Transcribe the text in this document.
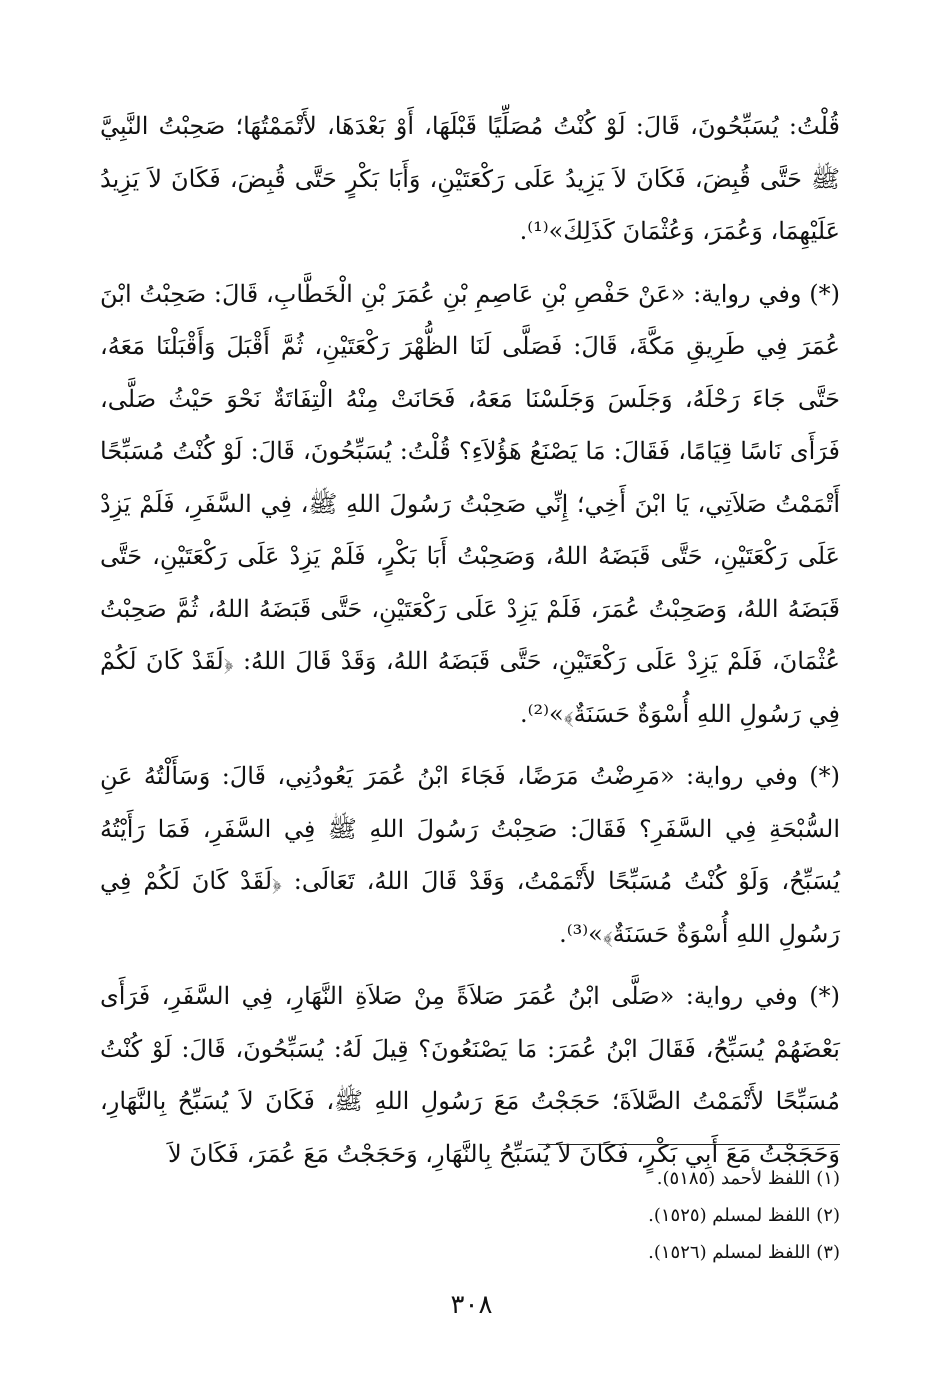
قُلْتُ: يُسَبِّحُونَ، قَالَ: لَوْ كُنْتُ مُصَلِّيًا قَبْلَهَا، أَوْ بَعْدَهَا، لأَتْمَمْتُهَا؛ صَحِبْتُ النَّبِيَّ ﷺ حَتَّى قُبِضَ، فَكَانَ لاَ يَزِيدُ عَلَى رَكْعَتَيْنِ، وَأَبَا بَكْرٍ حَتَّى قُبِضَ، فَكَانَ لاَ يَزِيدُ عَلَيْهِمَا، وَعُمَرَ، وَعُثْمَانَ كَذَلِكَ»⁽¹⁾.

(*) وفي رواية: «عَنْ حَفْصِ بْنِ عَاصِمِ بْنِ عُمَرَ بْنِ الْخَطَّابِ، قَالَ: صَحِبْتُ ابْنَ عُمَرَ فِي طَرِيقِ مَكَّةَ، قَالَ: فَصَلَّى لَنَا الظُّهْرَ رَكْعَتَيْنِ، ثُمَّ أَقْبَلَ وَأَقْبَلْنَا مَعَهُ، حَتَّى جَاءَ رَحْلَهُ، وَجَلَسَ وَجَلَسْنَا مَعَهُ، فَحَانَتْ مِنْهُ الْتِفَاتَةٌ نَحْوَ حَيْثُ صَلَّى، فَرَأَى نَاسًا قِيَامًا، فَقَالَ: مَا يَصْنَعُ هَؤُلاَءِ؟ قُلْتُ: يُسَبِّحُونَ، قَالَ: لَوْ كُنْتُ مُسَبِّحًا أَتْمَمْتُ صَلاَتِي، يَا ابْنَ أَخِي؛ إِنِّي صَحِبْتُ رَسُولَ اللهِ ﷺ، فِي السَّفَرِ، فَلَمْ يَزِدْ عَلَى رَكْعَتَيْنِ، حَتَّى قَبَضَهُ اللهُ، وَصَحِبْتُ أَبَا بَكْرٍ، فَلَمْ يَزِدْ عَلَى رَكْعَتَيْنِ، حَتَّى قَبَضَهُ اللهُ، وَصَحِبْتُ عُمَرَ، فَلَمْ يَزِدْ عَلَى رَكْعَتَيْنِ، حَتَّى قَبَضَهُ اللهُ، ثُمَّ صَحِبْتُ عُثْمَانَ، فَلَمْ يَزِدْ عَلَى رَكْعَتَيْنِ، حَتَّى قَبَضَهُ اللهُ، وَقَدْ قَالَ اللهُ: ﴿لَقَدْ كَانَ لَكُمْ فِي رَسُولِ اللهِ أُسْوَةٌ حَسَنَةٌ﴾»⁽²⁾.

(*) وفي رواية: «مَرِضْتُ مَرَضًا، فَجَاءَ ابْنُ عُمَرَ يَعُودُنِي، قَالَ: وَسَأَلْتُهُ عَنِ السُّبْحَةِ فِي السَّفَرِ؟ فَقَالَ: صَحِبْتُ رَسُولَ اللهِ ﷺ فِي السَّفَرِ، فَمَا رَأَيْتُهُ يُسَبِّحُ، وَلَوْ كُنْتُ مُسَبِّحًا لأَتْمَمْتُ، وَقَدْ قَالَ اللهُ، تَعَالَى: ﴿لَقَدْ كَانَ لَكُمْ فِي رَسُولِ اللهِ أُسْوَةٌ حَسَنَةٌ﴾»⁽³⁾.

(*) وفي رواية: «صَلَّى ابْنُ عُمَرَ صَلاَةً مِنْ صَلاَةِ النَّهَارِ، فِي السَّفَرِ، فَرَأَى بَعْضَهُمْ يُسَبِّحُ، فَقَالَ ابْنُ عُمَرَ: مَا يَصْنَعُونَ؟ قِيلَ لَهُ: يُسَبِّحُونَ، قَالَ: لَوْ كُنْتُ مُسَبِّحًا لأَتْمَمْتُ الصَّلاَةَ؛ حَجَجْتُ مَعَ رَسُولِ اللهِ ﷺ، فَكَانَ لاَ يُسَبِّحُ بِالنَّهَارِ، وَحَجَجْتُ مَعَ أَبِي بَكْرٍ، فَكَانَ لاَ يُسَبِّحُ بِالنَّهَارِ، وَحَجَجْتُ مَعَ عُمَرَ، فَكَانَ لاَ

(١) اللفظ لأحمد (٥١٨٥).

(٢) اللفظ لمسلم (١٥٢٥).

(٣) اللفظ لمسلم (١٥٢٦).

٣٠٨
